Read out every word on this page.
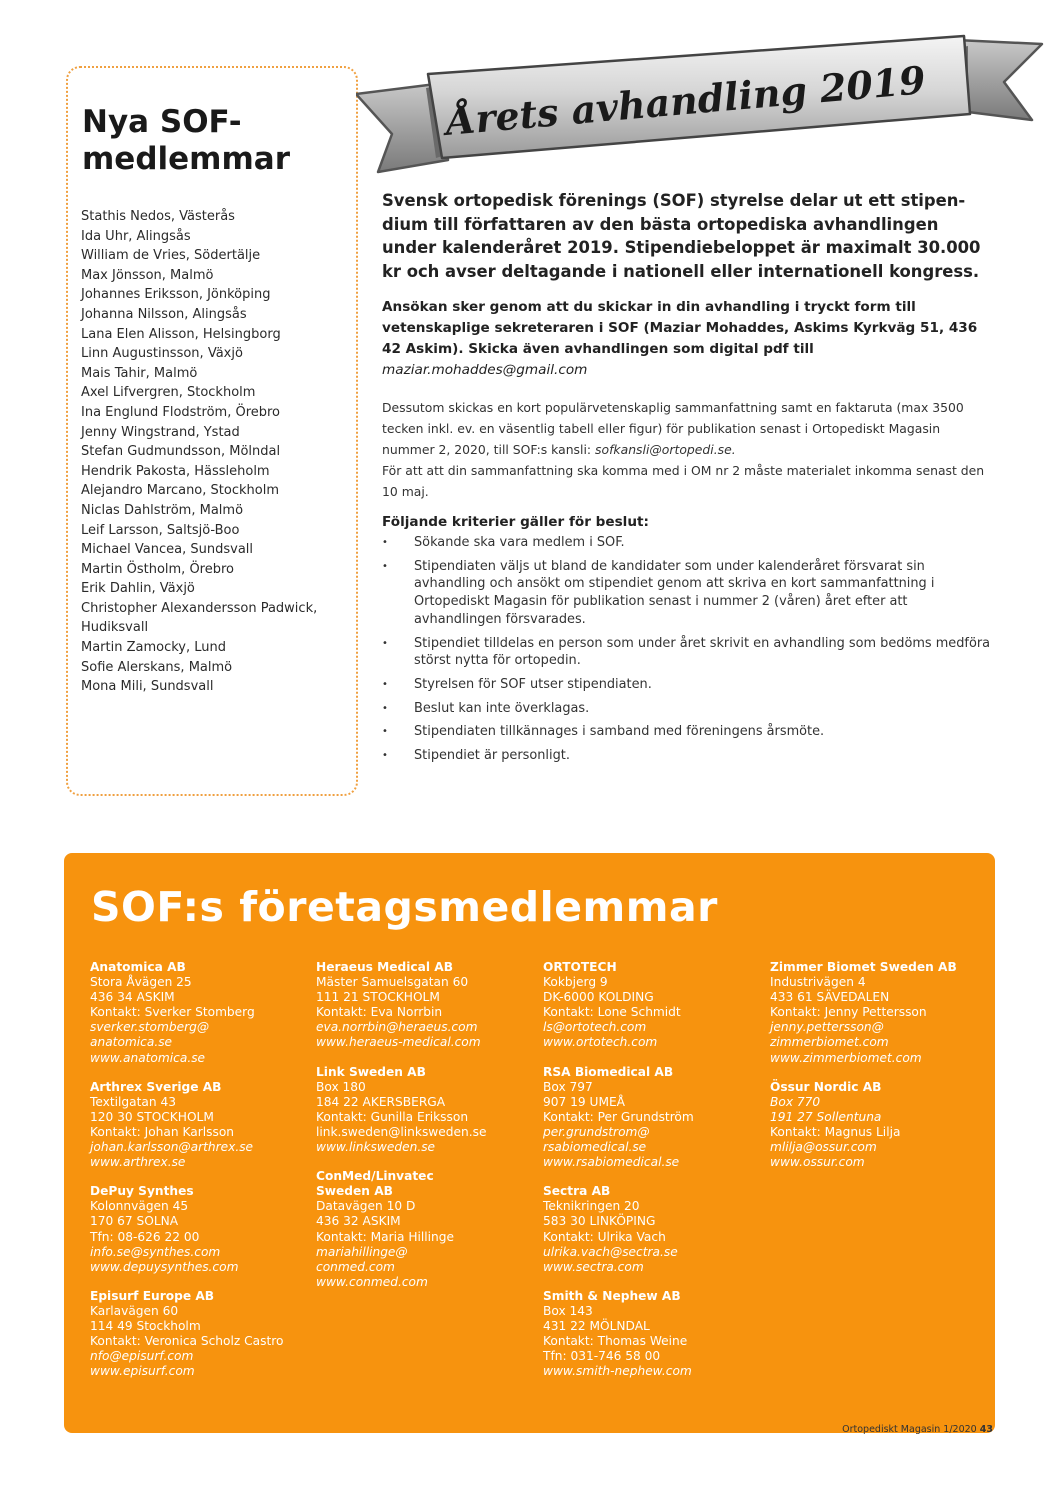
Nya SOF-
medlemmar
Stathis Nedos, Västerås
Ida Uhr, Alingsås
William de Vries, Södertälje
Max Jönsson, Malmö
Johannes Eriksson, Jönköping
Johanna Nilsson, Alingsås
Lana Elen Alisson, Helsingborg
Linn Augustinsson, Växjö
Mais Tahir, Malmö
Axel Lifvergren, Stockholm
Ina Englund Flodström, Örebro
Jenny Wingstrand, Ystad
Stefan Gudmundsson, Mölndal
Hendrik Pakosta, Hässleholm
Alejandro Marcano, Stockholm
Niclas Dahlström, Malmö
Leif Larsson, Saltsjö-Boo
Michael Vancea, Sundsvall
Martin Östholm, Örebro
Erik Dahlin, Växjö
Christopher Alexandersson Padwick,
Hudiksvall
Martin Zamocky, Lund
Sofie Alerskans, Malmö
Mona Mili, Sundsvall
Årets avhandling 2019

Svensk ortopedisk förenings (SOF) styrelse delar ut ett stipen-dium till författaren av den bästa ortopediska avhandlingen under kalenderåret 2019. Stipendiebeloppet är maximalt 30.000 kr och avser deltagande i nationell eller internationell kongress.

Ansökan sker genom att du skickar in din avhandling i tryckt form till vetenskaplige sekreteraren i SOF (Maziar Mohaddes, Askims Kyrkväg 51, 436 42 Askim). Skicka även avhandlingen som digital pdf till
maziar.mohaddes@gmail.com

Dessutom skickas en kort populärvetenskaplig sammanfattning samt en faktaruta (max 3500 tecken inkl. ev. en väsentlig tabell eller figur) för publikation senast i Ortopediskt Magasin nummer 2, 2020, till SOF:s kansli: sofkansli@ortopedi.se.
För att att din sammanfattning ska komma med i OM nr 2 måste materialet inkomma senast den 10 maj.

Följande kriterier gäller för beslut:

• Sökande ska vara medlem i SOF.
• Stipendiaten väljs ut bland de kandidater som under kalenderåret försvarat sin avhandling och ansökt om stipendiet genom att skriva en kort sammanfattning i Ortopediskt Magasin för publikation senast i nummer 2 (våren) året efter att avhandlingen försvarades.
• Stipendiet tilldelas en person som under året skrivit en avhandling som bedöms medföra störst nytta för ortopedin.
• Styrelsen för SOF utser stipendiaten.
• Beslut kan inte överklagas.
• Stipendiaten tillkännages i samband med föreningens årsmöte.
• Stipendiet är personligt.
SOF:s företagsmedlemmar
Anatomica AB
Stora Åvägen 25
436 34 ASKIM
Kontakt: Sverker Stomberg
sverker.stomberg@
anatomica.se
www.anatomica.se
Arthrex Sverige AB
Textilgatan 43
120 30 STOCKHOLM
Kontakt: Johan Karlsson
johan.karlsson@arthrex.se
www.arthrex.se
DePuy Synthes
Kolonnvägen 45
170 67 SOLNA
Tfn: 08-626 22 00
info.se@synthes.com
www.depuysynthes.com
Episurf Europe AB
Karlavägen 60
114 49 Stockholm
Kontakt: Veronica Scholz Castro
nfo@episurf.com
www.episurf.com
Heraeus Medical AB
Mäster Samuelsgatan 60
111 21 STOCKHOLM
Kontakt: Eva Norrbin
eva.norrbin@heraeus.com
www.heraeus-medical.com
Link Sweden AB
Box 180
184 22 AKERSBERGA
Kontakt: Gunilla Eriksson
link.sweden@linksweden.se
www.linksweden.se
ConMed/Linvatec
Sweden AB
Datavägen 10 D
436 32 ASKIM
Kontakt: Maria Hillinge
mariahillinge@
conmed.com
www.conmed.com
ORTOTECH
Kokbjerg 9
DK-6000 KOLDING
Kontakt: Lone Schmidt
ls@ortotech.com
www.ortotech.com
RSA Biomedical AB
Box 797
907 19 UMEÅ
Kontakt: Per Grundström
per.grundstrom@
rsabiomedical.se
www.rsabiomedical.se
Sectra AB
Teknikringen 20
583 30 LINKÖPING
Kontakt: Ulrika Vach
ulrika.vach@sectra.se
www.sectra.com
Smith & Nephew AB
Box 143
431 22 MÖLNDAL
Kontakt: Thomas Weine
Tfn: 031-746 58 00
www.smith-nephew.com
Zimmer Biomet Sweden AB
Industrivägen 4
433 61 SÄVEDALEN
Kontakt: Jenny Pettersson
jenny.pettersson@
zimmerbiomet.com
www.zimmerbiomet.com
Össur Nordic AB
Box 770
191 27 Sollentuna
Kontakt: Magnus Lilja
mlilja@ossur.com
www.ossur.com
Ortopediskt Magasin 1/2020 43
